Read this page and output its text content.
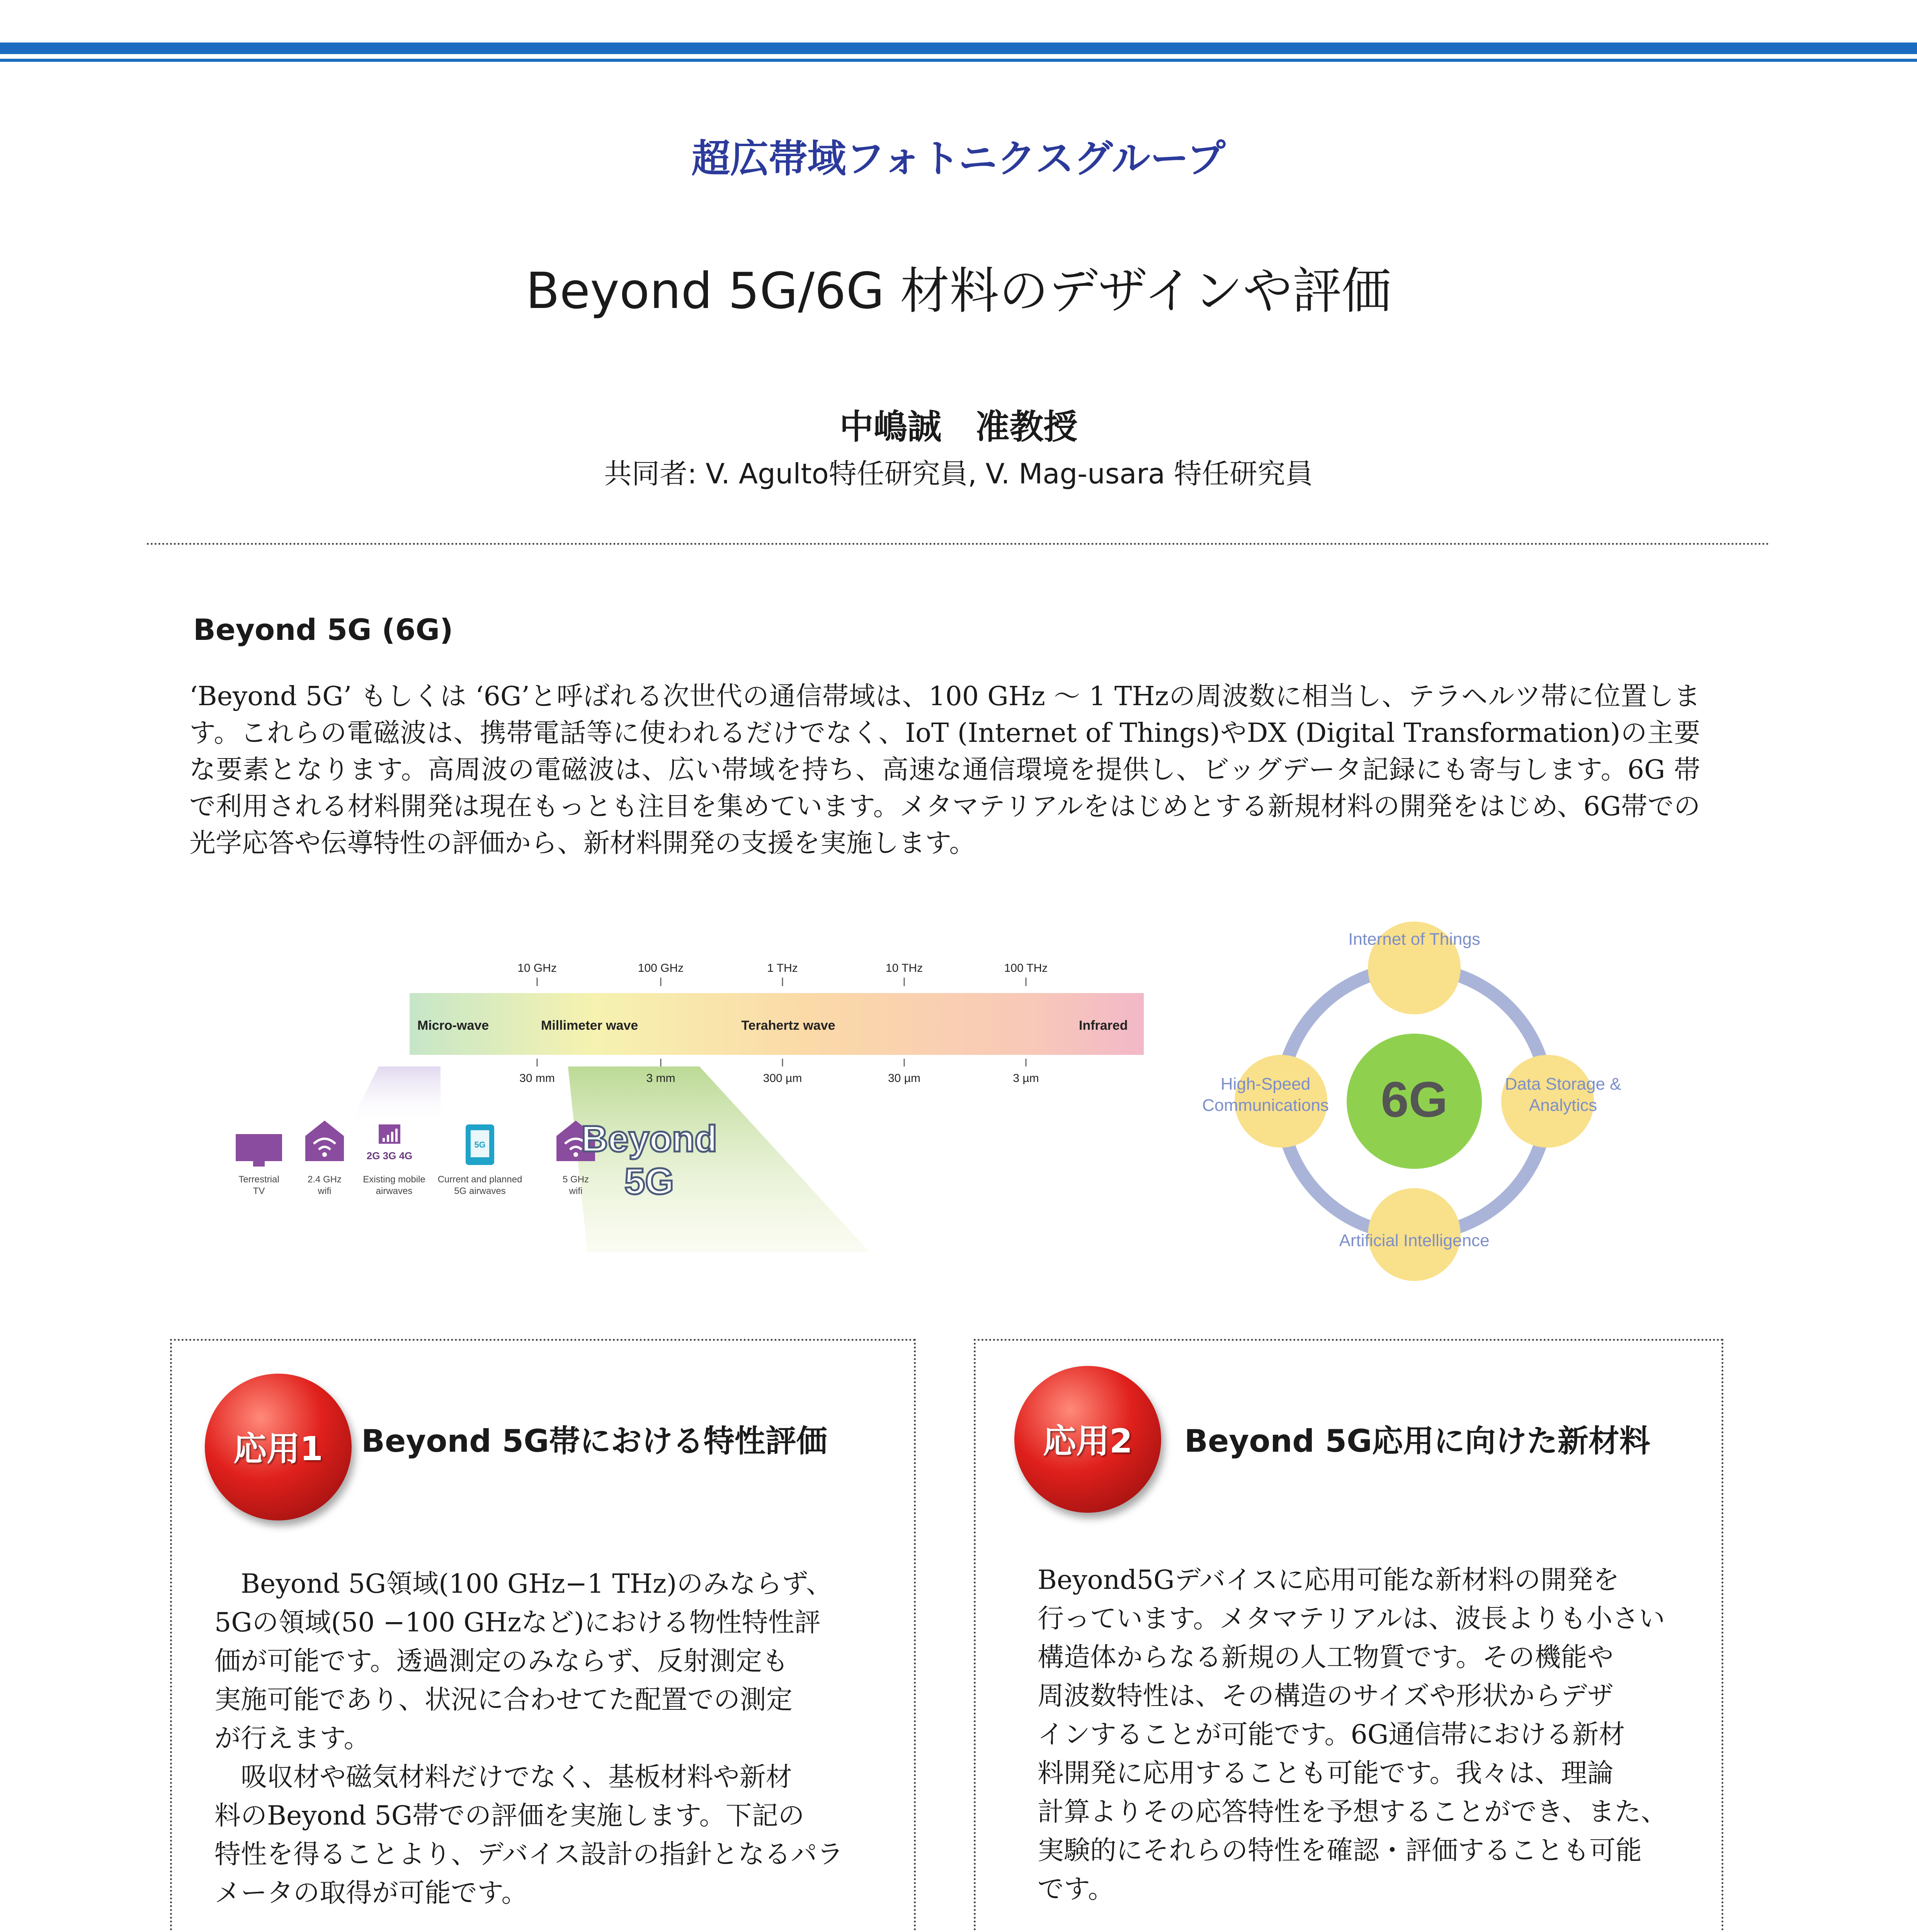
超広帯域フォトニクスグループ
Beyond 5G/6G 材料のデザインや評価
中嶋誠　准教授
共同者: V. Agulto特任研究員, V. Mag-usara 特任研究員
Beyond 5G (6G)
‘Beyond 5G’ もしくは ‘6G’と呼ばれる次世代の通信帯域は、100 GHz 〜 1 THzの周波数に相当し、テラヘルツ帯に位置します。これらの電磁波は、携帯電話等に使われるだけでなく、IoT (Internet of Things)やDX (Digital Transformation)の主要な要素となります。高周波の電磁波は、広い帯域を持ち、高速な通信環境を提供し、ビッグデータ記録にも寄与します。6G 帯で利用される材料開発は現在もっとも注目を集めています。メタマテリアルをはじめとする新規材料の開発をはじめ、6G帯での光学応答や伝導特性の評価から、新材料開発の支援を実施します。
10 GHz	100 GHz	1 THz	10 THz	100 THz
Micro-wave	Millimeter wave	Terahertz wave	Infrared
30 mm	3 mm	300 µm	30 µm	3 µm
2G 3G 4G
5G
Terrestrial
TV
2.4 GHz
wifi
Existing mobile
airwaves
Current and planned
5G airwaves
5 GHz
wifi
Beyond
5G
6G
Internet of Things
High-Speed
Communications
Data Storage &
Analytics
Artificial Intelligence
応用1	Beyond 5G帯における特性評価
　Beyond 5G領域(100 GHz−1 THz)のみならず、
5Gの領域(50 −100 GHzなど)における物性特性評
価が可能です。透過測定のみならず、反射測定も
実施可能であり、状況に合わせてた配置での測定
が行えます。
　吸収材や磁気材料だけでなく、基板材料や新材
料のBeyond 5G帯での評価を実施します。下記の
特性を得ることより、デバイス設計の指針となるパラ
メータの取得が可能です。
応用2	Beyond 5G応用に向けた新材料
Beyond5Gデバイスに応用可能な新材料の開発を
行っています。メタマテリアルは、波長よりも小さい
構造体からなる新規の人工物質です。その機能や
周波数特性は、その構造のサイズや形状からデザ
インすることが可能です。6G通信帯における新材
料開発に応用することも可能です。我々は、理論
計算よりその応答特性を予想することができ、また、
実験的にそれらの特性を確認・評価することも可能
です。
